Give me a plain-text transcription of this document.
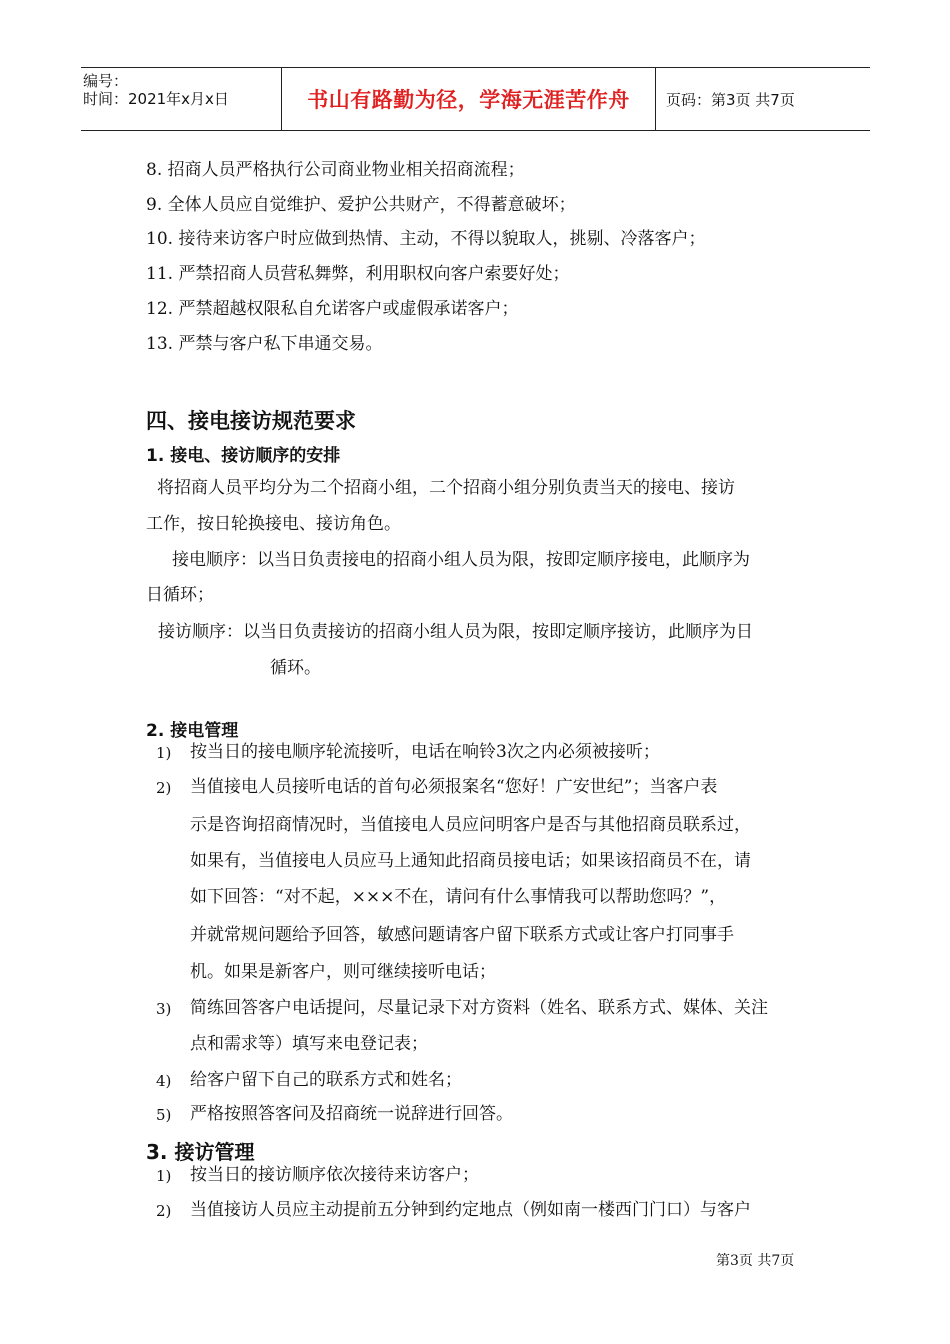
编号：
时间：2021年x月x日	书山有路勤为径，学海无涯苦作舟 页码：第3页 共7页
8. 招商人员严格执行公司商业物业相关招商流程；
9. 全体人员应自觉维护、爱护公共财产，不得蓄意破坏；
10. 接待来访客户时应做到热情、主动，不得以貌取人，挑剔、冷落客户；
11. 严禁招商人员营私舞弊，利用职权向客户索要好处；
12. 严禁超越权限私自允诺客户或虚假承诺客户；
13. 严禁与客户私下串通交易。
四、接电接访规范要求
1. 接电、接访顺序的安排
将招商人员平均分为二个招商小组，二个招商小组分别负责当天的接电、接访
工作，按日轮换接电、接访角色。
接电顺序：以当日负责接电的招商小组人员为限，按即定顺序接电，此顺序为
日循环；
接访顺序：以当日负责接访的招商小组人员为限，按即定顺序接访，此顺序为日
循环。
2. 接电管理
1) 按当日的接电顺序轮流接听，电话在响铃3次之内必须被接听；
2) 当值接电人员接听电话的首句必须报案名“您好！广安世纪”；当客户表
示是咨询招商情况时，当值接电人员应问明客户是否与其他招商员联系过，
如果有，当值接电人员应马上通知此招商员接电话；如果该招商员不在，请
如下回答：“对不起，×××不在，请问有什么事情我可以帮助您吗？”，
并就常规问题给予回答，敏感问题请客户留下联系方式或让客户打同事手
机。如果是新客户，则可继续接听电话；
3) 简练回答客户电话提问，尽量记录下对方资料（姓名、联系方式、媒体、关注
点和需求等）填写来电登记表；
4) 给客户留下自己的联系方式和姓名；
5) 严格按照答客问及招商统一说辞进行回答。
3. 接访管理
1) 按当日的接访顺序依次接待来访客户；
2) 当值接访人员应主动提前五分钟到约定地点（例如南一楼西门门口）与客户
第3页 共7页
